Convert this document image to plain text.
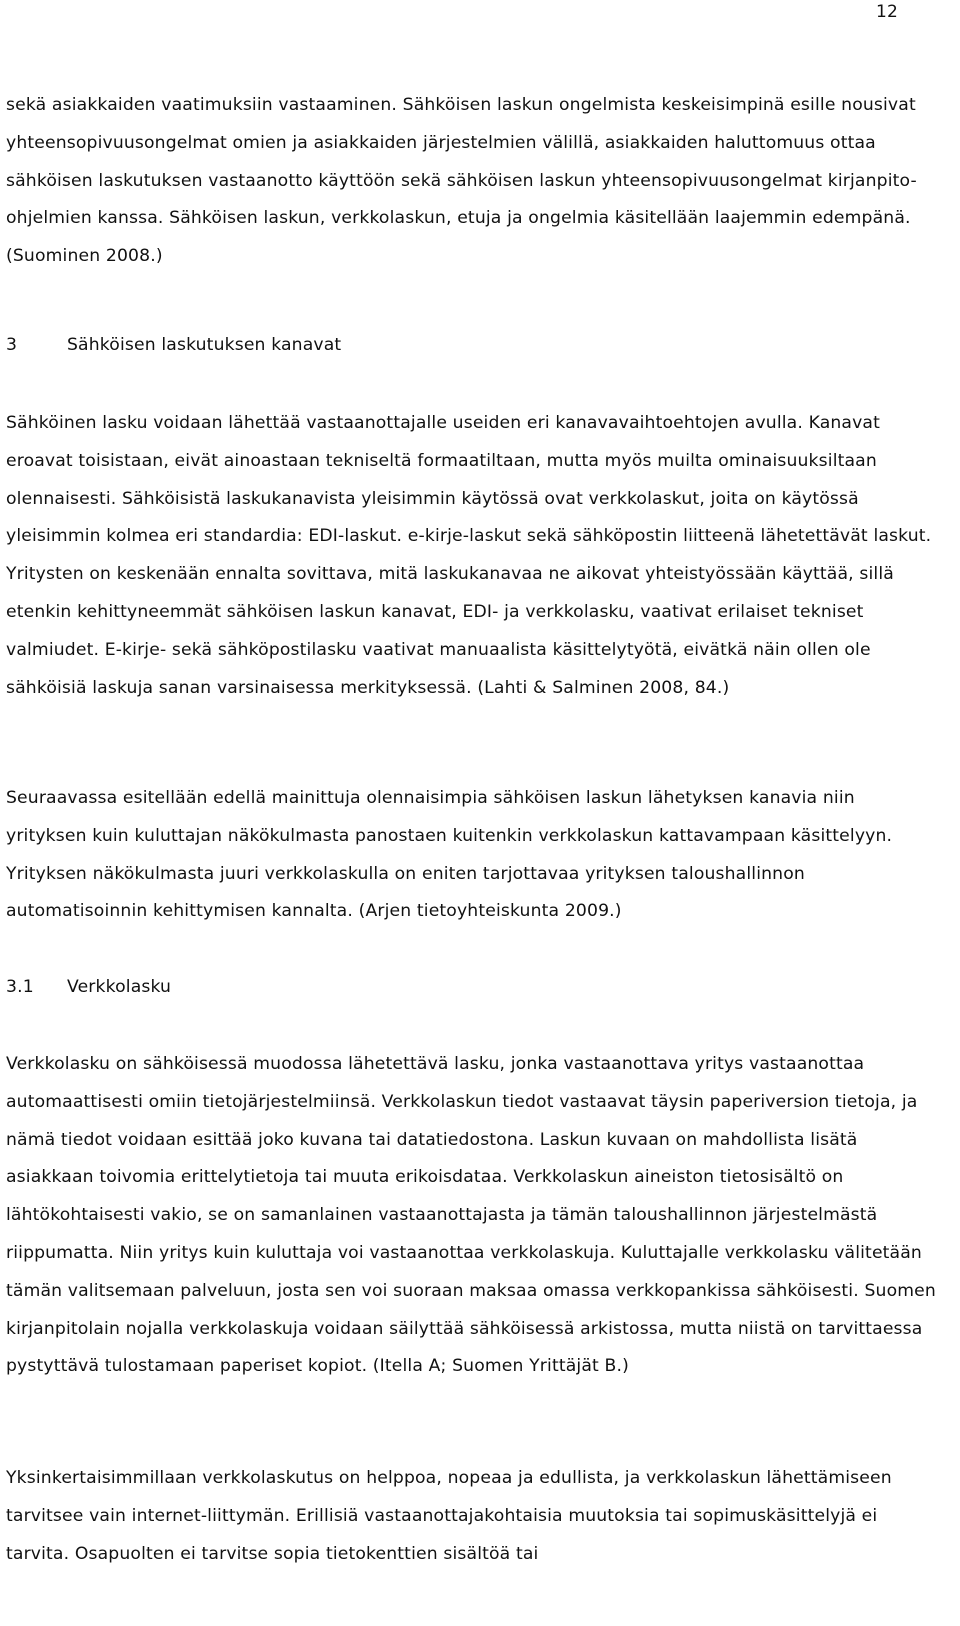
12

sekä asiakkaiden vaatimuksiin vastaaminen. Sähköisen laskun ongelmista keskeisimpinä esille nousivat yhteensopivuusongelmat omien ja asiakkaiden järjestelmien välillä, asiakkaiden haluttomuus ottaa sähköisen laskutuksen vastaanotto käyttöön sekä sähköisen laskun yhteensopivuusongelmat kirjanpito-ohjelmien kanssa. Sähköisen laskun, verkkolaskun, etuja ja ongelmia käsitellään laajemmin edempänä. (Suominen 2008.)

3	Sähköisen laskutuksen kanavat

Sähköinen lasku voidaan lähettää vastaanottajalle useiden eri kanavavaihtoehtojen avulla. Kanavat eroavat toisistaan, eivät ainoastaan tekniseltä formaatiltaan, mutta myös muilta ominaisuuksiltaan olennaisesti. Sähköisistä laskukanavista yleisimmin käytössä ovat verkkolaskut, joita on käytössä yleisimmin kolmea eri standardia: EDI-laskut. e-kirje-laskut sekä sähköpostin liitteenä lähetettävät laskut. Yritysten on keskenään ennalta sovittava, mitä laskukanavaa ne aikovat yhteistyössään käyttää, sillä etenkin kehittyneemmät sähköisen laskun kanavat, EDI- ja verkkolasku, vaativat erilaiset tekniset valmiudet. E-kirje- sekä sähköpostilasku vaativat manuaalista käsittelytyötä, eivätkä näin ollen ole sähköisiä laskuja sanan varsinaisessa merkityksessä. (Lahti & Salminen 2008, 84.)

Seuraavassa esitellään edellä mainittuja olennaisimpia sähköisen laskun lähetyksen kanavia niin yrityksen kuin kuluttajan näkökulmasta panostaen kuitenkin verkkolaskun kattavampaan käsittelyyn. Yrityksen näkökulmasta juuri verkkolaskulla on eniten tarjottavaa yrityksen taloushallinnon automatisoinnin kehittymisen kannalta. (Arjen tietoyhteiskunta 2009.)

3.1 Verkkolasku

Verkkolasku on sähköisessä muodossa lähetettävä lasku, jonka vastaanottava yritys vastaanottaa automaattisesti omiin tietojärjestelmiinsä. Verkkolaskun tiedot vastaavat täysin paperiversion tietoja, ja nämä tiedot voidaan esittää joko kuvana tai datatiedostona. Laskun kuvaan on mahdollista lisätä asiakkaan toivomia erittelytietoja tai muuta erikoisdataa. Verkkolaskun aineiston tietosisältö on lähtökohtaisesti vakio, se on samanlainen vastaanottajasta ja tämän taloushallinnon järjestelmästä riippumatta. Niin yritys kuin kuluttaja voi vastaanottaa verkkolaskuja. Kuluttajalle verkkolasku välitetään tämän valitsemaan palveluun, josta sen voi suoraan maksaa omassa verkkopankissa sähköisesti. Suomen kirjanpitolain nojalla verkkolaskuja voidaan säilyttää sähköisessä arkistossa, mutta niistä on tarvittaessa pystyttävä tulostamaan paperiset kopiot. (Itella A; Suomen Yrittäjät B.)

Yksinkertaisimmillaan verkkolaskutus on helppoa, nopeaa ja edullista, ja verkkolaskun lähettämiseen tarvitsee vain internet-liittymän. Erillisiä vastaanottajakohtaisia muutoksia tai sopimuskäsittelyjä ei tarvita. Osapuolten ei tarvitse sopia tietokenttien sisältöä tai
